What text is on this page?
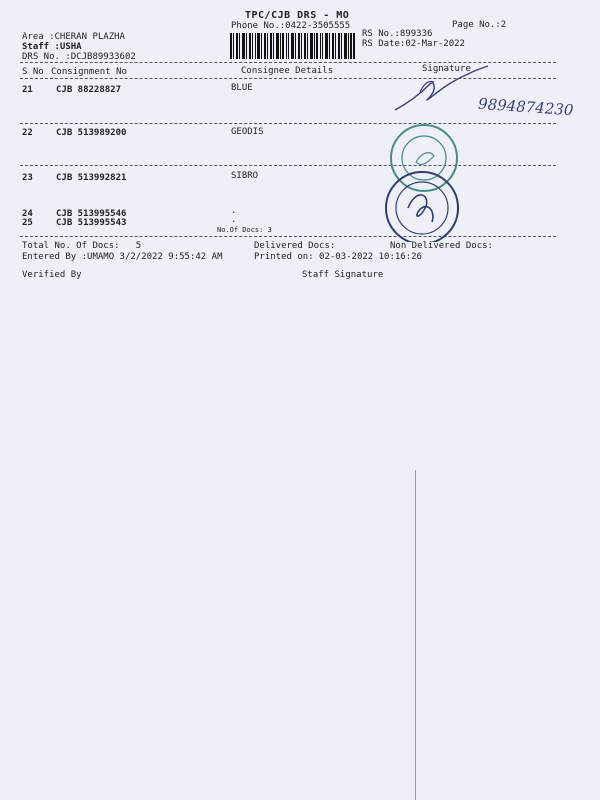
TPC/CJB DRS - MO
Phone No.:0422-3505555	Page No.:2
Area :CHERAN PLAZHA
Staff :USHA
DRS No. :DCJB89933602
RS No.:899336
RS Date:02-Mar-2022
S No Consignment No	Consignee Details	Signature
21	CJB 88228827	BLUE
22	CJB 513989200	GEODIS
23	CJB 513992821	SIBRO
24	CJB 513995546	.
25	CJB 513995543	.
No.Of Docs: 3
Total No. Of Docs:   5	Delivered Docs:	Non Delivered Docs:
Entered By :UMAMO 3/2/2022 9:55:42 AM	Printed on: 02-03-2022 10:16:26
Verified By	Staff Signature
9894874230
